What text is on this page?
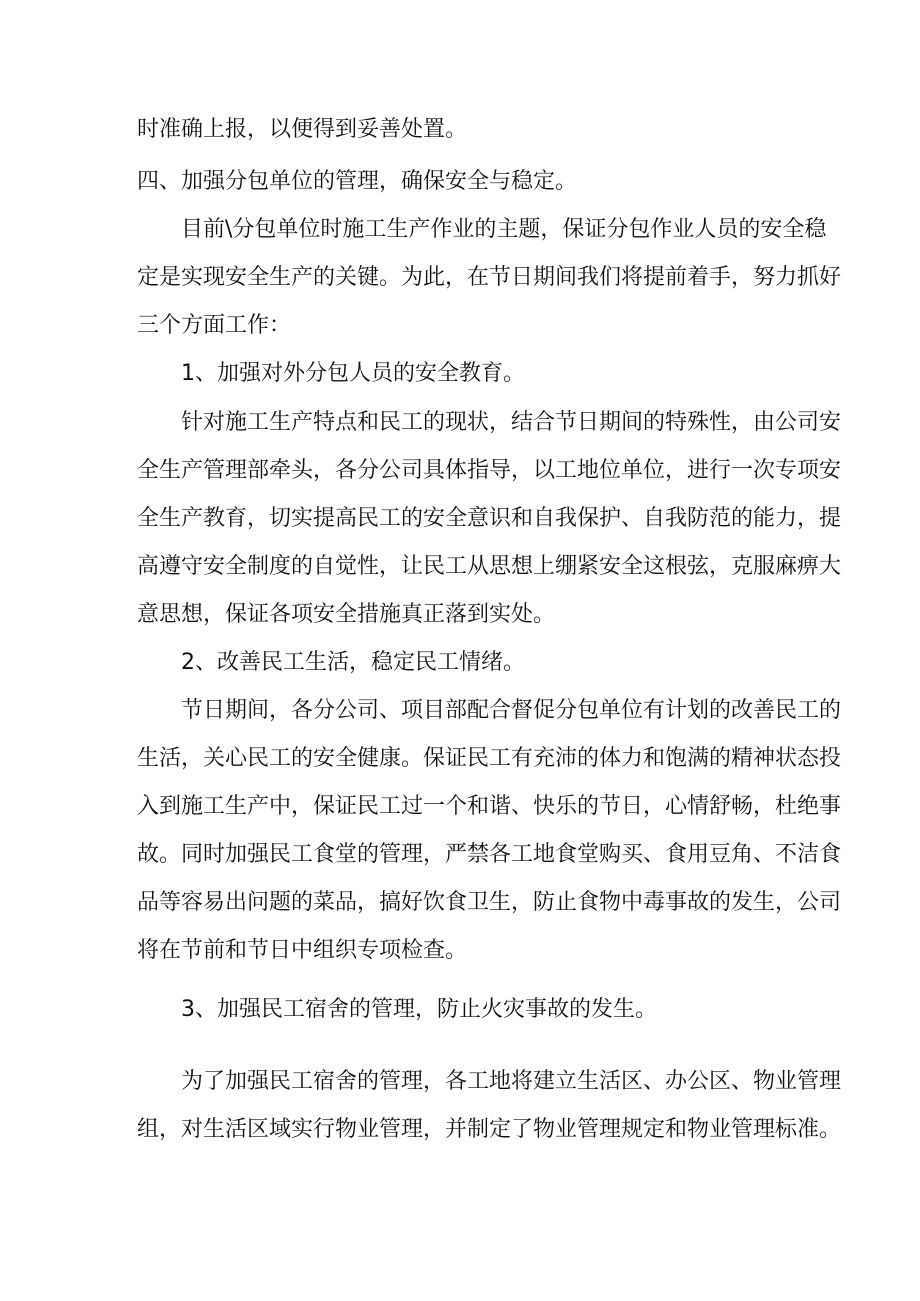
时准确上报，以便得到妥善处置。
四、加强分包单位的管理，确保安全与稳定。
目前\分包单位时施工生产作业的主题，保证分包作业人员的安全稳
定是实现安全生产的关键。为此，在节日期间我们将提前着手，努力抓好
三个方面工作：
1、加强对外分包人员的安全教育。
针对施工生产特点和民工的现状，结合节日期间的特殊性，由公司安
全生产管理部牵头，各分公司具体指导，以工地位单位，进行一次专项安
全生产教育，切实提高民工的安全意识和自我保护、自我防范的能力，提
高遵守安全制度的自觉性，让民工从思想上绷紧安全这根弦，克服麻痹大
意思想，保证各项安全措施真正落到实处。
2、改善民工生活，稳定民工情绪。
节日期间，各分公司、项目部配合督促分包单位有计划的改善民工的
生活，关心民工的安全健康。保证民工有充沛的体力和饱满的精神状态投
入到施工生产中，保证民工过一个和谐、快乐的节日，心情舒畅，杜绝事
故。同时加强民工食堂的管理，严禁各工地食堂购买、食用豆角、不洁食
品等容易出问题的菜品，搞好饮食卫生，防止食物中毒事故的发生，公司
将在节前和节日中组织专项检查。
3、加强民工宿舍的管理，防止火灾事故的发生。
为了加强民工宿舍的管理，各工地将建立生活区、办公区、物业管理
组，对生活区域实行物业管理，并制定了物业管理规定和物业管理标准。
